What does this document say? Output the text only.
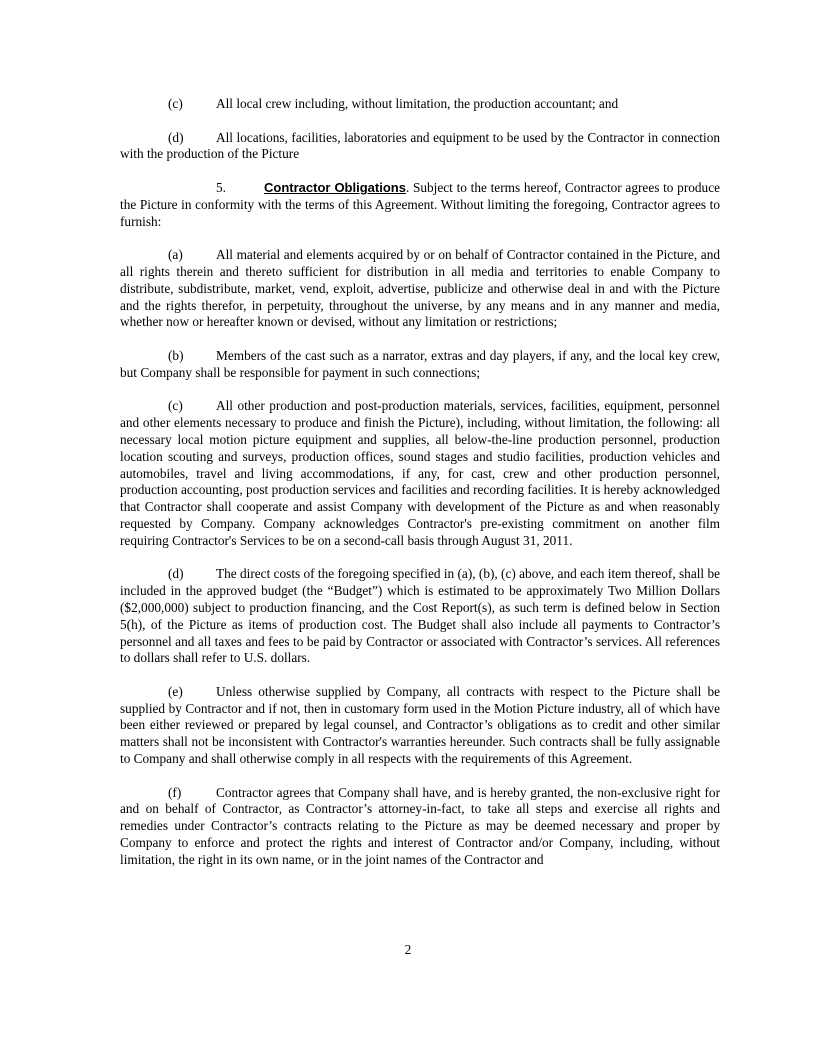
(c) All local crew including, without limitation, the production accountant; and

(d) All locations, facilities, laboratories and equipment to be used by the Contractor in connection with the production of the Picture

5.	Contractor Obligations. Subject to the terms hereof, Contractor agrees to produce the Picture in conformity with the terms of this Agreement. Without limiting the foregoing, Contractor agrees to furnish:

(a) All material and elements acquired by or on behalf of Contractor contained in the Picture, and all rights therein and thereto sufficient for distribution in all media and territories to enable Company to distribute, subdistribute, market, vend, exploit, advertise, publicize and otherwise deal in and with the Picture and the rights therefor, in perpetuity, throughout the universe, by any means and in any manner and media, whether now or hereafter known or devised, without any limitation or restrictions;

(b) Members of the cast such as a narrator, extras and day players, if any, and the local key crew, but Company shall be responsible for payment in such connections;

(c) All other production and post-production materials, services, facilities, equipment, personnel and other elements necessary to produce and finish the Picture), including, without limitation, the following: all necessary local motion picture equipment and supplies, all below-the-line production personnel, production location scouting and surveys, production offices, sound stages and studio facilities, production vehicles and automobiles, travel and living accommodations, if any, for cast, crew and other production personnel, production accounting, post production services and facilities and recording facilities. It is hereby acknowledged that Contractor shall cooperate and assist Company with development of the Picture as and when reasonably requested by Company. Company acknowledges Contractor's pre-existing commitment on another film requiring Contractor's Services to be on a second-call basis through August 31, 2011.

(d) The direct costs of the foregoing specified in (a), (b), (c) above, and each item thereof, shall be included in the approved budget (the “Budget”) which is estimated to be approximately Two Million Dollars ($2,000,000) subject to production financing, and the Cost Report(s), as such term is defined below in Section 5(h), of the Picture as items of production cost. The Budget shall also include all payments to Contractor’s personnel and all taxes and fees to be paid by Contractor or associated with Contractor’s services. All references to dollars shall refer to U.S. dollars.

(e) Unless otherwise supplied by Company, all contracts with respect to the Picture shall be supplied by Contractor and if not, then in customary form used in the Motion Picture industry, all of which have been either reviewed or prepared by legal counsel, and Contractor’s obligations as to credit and other similar matters shall not be inconsistent with Contractor's warranties hereunder. Such contracts shall be fully assignable to Company and shall otherwise comply in all respects with the requirements of this Agreement.

(f)	Contractor agrees that Company shall have, and is hereby granted, the non-exclusive right for and on behalf of Contractor, as Contractor’s attorney-in-fact, to take all steps and exercise all rights and remedies under Contractor’s contracts relating to the Picture as may be deemed necessary and proper by Company to enforce and protect the rights and interest of Contractor and/or Company, including, without limitation, the right in its own name, or in the joint names of the Contractor and

2
